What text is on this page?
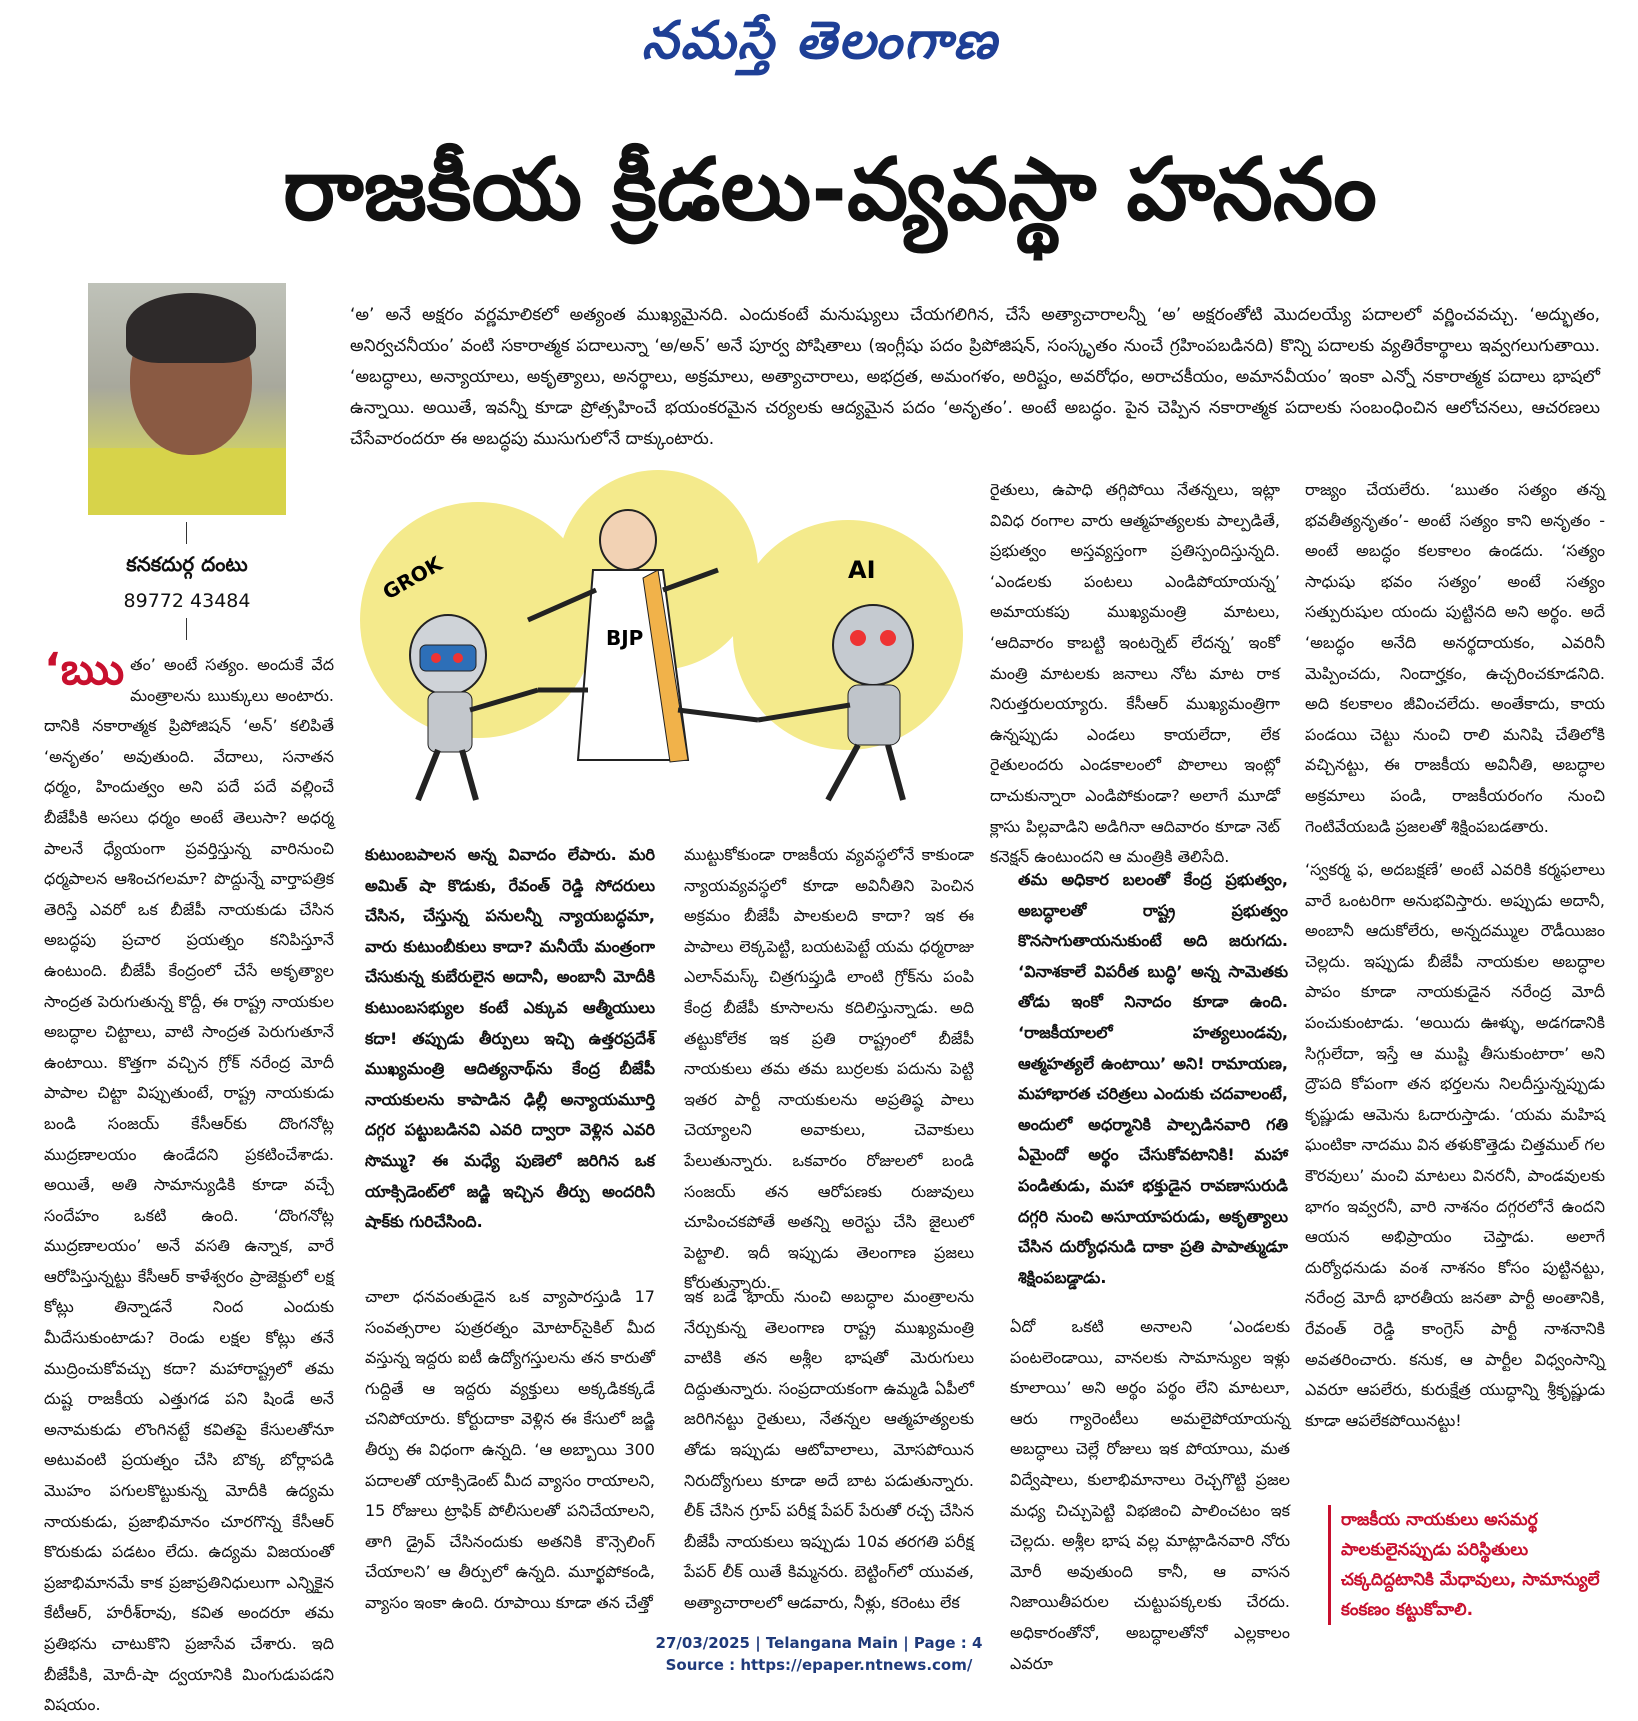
నమస్తే తెలంగాణ
రాజకీయ క్రీడలు-వ్యవస్థా హననం
కనకదుర్గ దంటు
89772 43484
‘అ’ అనే అక్షరం వర్ణమాలికలో అత్యంత ముఖ్యమైనది. ఎందుకంటే మనుష్యులు చేయగలిగిన, చేసే అత్యాచారాలన్నీ ‘అ’ అక్షరంతోటి మొదలయ్యే పదాలలో వర్ణించవచ్చు. ‘అద్భుతం, అనిర్వచనీయం’ వంటి సకారాత్మక పదాలున్నా ‘అ/అన్’ అనే పూర్వ పోషితాలు (ఇంగ్లీషు పదం ప్రిపోజిషన్, సంస్కృతం నుంచే గ్రహింపబడినది) కొన్ని పదాలకు వ్యతిరేకార్థాలు ఇవ్వగలుగుతాయి. ‘అబద్ధాలు, అన్యాయాలు, అకృత్యాలు, అనర్థాలు, అక్రమాలు, అత్యాచారాలు, అభద్రత, అమంగళం, అరిష్టం, అవరోధం, అరాచకీయం, అమానవీయం’ ఇంకా ఎన్నో నకారాత్మక పదాలు భాషలో ఉన్నాయి. అయితే, ఇవన్నీ కూడా ప్రోత్సహించే భయంకరమైన చర్యలకు ఆద్యమైన పదం ‘అనృతం’. అంటే అబద్ధం. పైన చెప్పిన నకారాత్మక పదాలకు సంబంధించిన ఆలోచనలు, ఆచరణలు చేసేవారందరూ ఈ అబద్ధపు ముసుగులోనే దాక్కుంటారు.
‘ఋ తం’ అంటే సత్యం. అందుకే వేద మంత్రాలను ఋక్కులు అంటారు. దానికి నకారాత్మక ప్రిపోజిషన్ ‘అన్’ కలిపితే ‘అనృతం’ అవుతుంది. వేదాలు, సనాతన ధర్మం, హిందుత్వం అని పదే పదే వల్లించే బీజేపీకి అసలు ధర్మం అంటే తెలుసా? అధర్మ పాలనే ధ్యేయంగా ప్రవర్తిస్తున్న వారినుంచి ధర్మపాలన ఆశించగలమా? పొద్దున్నే వార్తాపత్రిక తెరిస్తే ఎవరో ఒక బీజేపీ నాయకుడు చేసిన అబద్ధపు ప్రచార ప్రయత్నం కనిపిస్తూనే ఉంటుంది. బీజేపీ కేంద్రంలో చేసే అకృత్యాల సాంద్రత పెరుగుతున్న కొద్దీ, ఈ రాష్ట్ర నాయకుల అబద్ధాల చిట్టాలు, వాటి సాంద్రత పెరుగుతూనే ఉంటాయి. కొత్తగా వచ్చిన గ్రోక్ నరేంద్ర మోదీ పాపాల చిట్టా విప్పుతుంటే, రాష్ట్ర నాయకుడు బండి సంజయ్ కేసీఆర్‌కు దొంగనోట్ల ముద్రణాలయం ఉండేదని ప్రకటించేశాడు. అయితే, అతి సామాన్యుడికి కూడా వచ్చే సందేహం ఒకటి ఉంది. ‘దొంగనోట్ల ముద్రణాలయం’ అనే వసతి ఉన్నాక, వారే ఆరోపిస్తున్నట్టు కేసీఆర్ కాళేశ్వరం ప్రాజెక్టులో లక్ష కోట్లు తిన్నాడనే నింద ఎందుకు మీదేసుకుంటాడు? రెండు లక్షల కోట్లు తనే ముద్రించుకోవచ్చు కదా? మహారాష్ట్రలో తమ దుష్ట రాజకీయ ఎత్తుగడ పని షిండే అనే అనామకుడు లొంగినట్టే కవితపై కేసులతోనూ అటువంటి ప్రయత్నం చేసి బొక్క బోర్లాపడి మొహం పగులకొట్టుకున్న మోదీకి ఉద్యమ నాయకుడు, ప్రజాభిమానం చూరగొన్న కేసీఆర్ కొరుకుడు పడటం లేదు. ఉద్యమ విజయంతో ప్రజాభిమానమే కాక ప్రజాప్రతినిధులుగా ఎన్నికైన కేటీఆర్, హరీశ్‌రావు, కవిత అందరూ తమ ప్రతిభను చాటుకొని ప్రజాసేవ చేశారు. ఇది బీజేపీకి, మోదీ-షా ద్వయానికి మింగుడుపడని విషయం.
GROK
BJP
AI
కుటుంబపాలన అన్న వివాదం లేపారు. మరి అమిత్ షా కొడుకు, రేవంత్ రెడ్డి సోదరులు చేసిన, చేస్తున్న పనులన్నీ న్యాయబద్ధమా, వారు కుటుంబీకులు కాదా? మనీయే మంత్రంగా చేసుకున్న కుబేరులైన అదానీ, అంబానీ మోదీకి కుటుంబసభ్యుల కంటే ఎక్కువ ఆత్మీయులు కదా! తప్పుడు తీర్పులు ఇచ్చి ఉత్తరప్రదేశ్ ముఖ్యమంత్రి ఆదిత్యనాథ్‌ను కేంద్ర బీజేపీ నాయకులను కాపాడిన ఢిల్లీ అన్యాయమూర్తి దగ్గర పట్టుబడినవి ఎవరి ద్వారా వెళ్లిన ఎవరి సొమ్ము? ఈ మధ్యే పుణెలో జరిగిన ఒక యాక్సిడెంట్‌లో జడ్జి ఇచ్చిన తీర్పు అందరినీ షాక్‌కు గురిచేసింది.
చాలా ధనవంతుడైన ఒక వ్యాపారస్తుడి 17 సంవత్సరాల పుత్రరత్నం మోటార్‌సైకిల్ మీద వస్తున్న ఇద్దరు ఐటీ ఉద్యోగస్తులను తన కారుతో గుద్దితే ఆ ఇద్దరు వ్యక్తులు అక్కడికక్కడే చనిపోయారు. కోర్టుదాకా వెళ్లిన ఈ కేసులో జడ్జి తీర్పు ఈ విధంగా ఉన్నది. ‘ఆ అబ్బాయి 300 పదాలతో యాక్సిడెంట్ మీద వ్యాసం రాయాలని, 15 రోజులు ట్రాఫిక్ పోలీసులతో పనిచేయాలని, తాగి డ్రైవ్ చేసినందుకు అతనికి కౌన్సెలింగ్ చేయాలని’ ఆ తీర్పులో ఉన్నది. మూర్ఖపోకండి, వ్యాసం ఇంకా ఉంది. రూపాయి కూడా తన చేత్తో
ముట్టుకోకుండా రాజకీయ వ్యవస్థలోనే కాకుండా న్యాయవ్యవస్థలో కూడా అవినీతిని పెంచిన అక్రమం బీజేపీ పాలకులది కాదా? ఇక ఈ పాపాలు లెక్కపెట్టి, బయటపెట్టే యమ ధర్మరాజు ఎలాన్‌మస్క్ చిత్రగుప్తుడి లాంటి గ్రోక్‌ను పంపి కేంద్ర బీజేపీ కూసాలను కదిలిస్తున్నాడు. అది తట్టుకోలేక ఇక ప్రతి రాష్ట్రంలో బీజేపీ నాయకులు తమ తమ బుర్రలకు పదును పెట్టి ఇతర పార్టీ నాయకులను అప్రతిష్ఠ పాలు చెయ్యాలని అవాకులు, చెవాకులు పేలుతున్నారు. ఒకవారం రోజులలో బండి సంజయ్ తన ఆరోపణకు రుజువులు చూపించకపోతే అతన్ని అరెస్టు చేసి జైలులో పెట్టాలి. ఇదీ ఇప్పుడు తెలంగాణ ప్రజలు కోరుతున్నారు.
ఇక బడే భాయ్ నుంచి అబద్ధాల మంత్రాలను నేర్చుకున్న తెలంగాణ రాష్ట్ర ముఖ్యమంత్రి వాటికి తన అశ్లీల భాషతో మెరుగులు దిద్దుతున్నారు. సంప్రదాయకంగా ఉమ్మడి ఏపీలో జరిగినట్టు రైతులు, నేతన్నల ఆత్మహత్యలకు తోడు ఇప్పుడు ఆటోవాలాలు, మోసపోయిన నిరుద్యోగులు కూడా అదే బాట పడుతున్నారు. లీక్ చేసిన గ్రూప్ పరీక్ష పేపర్ పేరుతో రచ్చ చేసిన బీజేపీ నాయకులు ఇప్పుడు 10వ తరగతి పరీక్ష పేపర్ లీక్ యితే కిమ్మనరు. బెట్టింగ్‌లో యువత, అత్యాచారాలలో ఆడవారు, నీళ్లు, కరెంటు లేక
రైతులు, ఉపాధి తగ్గిపోయి నేతన్నలు, ఇట్లా వివిధ రంగాల వారు ఆత్మహత్యలకు పాల్పడితే, ప్రభుత్వం అస్తవ్యస్తంగా ప్రతిస్పందిస్తున్నది. ‘ఎండలకు పంటలు ఎండిపోయాయన్న’ అమాయకపు ముఖ్యమంత్రి మాటలు, ‘ఆదివారం కాబట్టి ఇంటర్నెట్ లేదన్న’ ఇంకో మంత్రి మాటలకు జనాలు నోట మాట రాక నిరుత్తరులయ్యారు. కేసీఆర్ ముఖ్యమంత్రిగా ఉన్నప్పుడు ఎండలు కాయలేదా, లేక రైతులందరు ఎండకాలంలో పొలాలు ఇంట్లో దాచుకున్నారా ఎండిపోకుండా? అలాగే మూడో క్లాసు పిల్లవాడిని అడిగినా ఆదివారం కూడా నెట్ కనెక్షన్ ఉంటుందని ఆ మంత్రికి తెలిసేది.
తమ అధికార బలంతో కేంద్ర ప్రభుత్వం, అబద్ధాలతో రాష్ట్ర ప్రభుత్వం కొనసాగుతాయనుకుంటే అది జరుగదు. ‘వినాశకాలే విపరీత బుద్ధి’ అన్న సామెతకు తోడు ఇంకో నినాదం కూడా ఉంది. ‘రాజకీయాలలో హత్యలుండవు, ఆత్మహత్యలే ఉంటాయి’ అని! రామాయణ, మహాభారత చరిత్రలు ఎందుకు చదవాలంటే, అందులో అధర్మానికి పాల్పడినవారి గతి ఏమైందో అర్థం చేసుకోవటానికి! మహా పండితుడు, మహా భక్తుడైన రావణాసురుడి దగ్గరి నుంచి అసూయాపరుడు, అకృత్యాలు చేసిన దుర్యోధనుడి దాకా ప్రతి పాపాత్ముడూ శిక్షింపబడ్డాడు.
ఏదో ఒకటి అనాలని ‘ఎండలకు పంటలెండాయి, వానలకు సామాన్యుల ఇళ్లు కూలాయి’ అని అర్థం పర్థం లేని మాటలూ, ఆరు గ్యారెంటీలు అమలైపోయాయన్న అబద్ధాలు చెల్లే రోజులు ఇక పోయాయి, మత విద్వేషాలు, కులాభిమానాలు రెచ్చగొట్టి ప్రజల మధ్య చిచ్చుపెట్టి విభజించి పాలించటం ఇక చెల్లదు. అశ్లీల భాష వల్ల మాట్లాడినవారి నోరు మోరీ అవుతుంది కానీ, ఆ వాసన నిజాయితీపరుల చుట్టుపక్కలకు చేరదు. అధికారంతోనో, అబద్ధాలతోనో ఎల్లకాలం ఎవరూ
రాజ్యం చేయలేరు. ‘ఋతం సత్యం తన్న భవతీత్యనృతం’- అంటే సత్యం కాని అనృతం - అంటే అబద్ధం కలకాలం ఉండదు. ‘సత్యం సాధుషు భవం సత్యం’ అంటే సత్యం సత్పురుషుల యందు పుట్టినది అని అర్థం. అదే ‘అబద్ధం అనేది అనర్థదాయకం, ఎవరినీ మెప్పించదు, నిందార్హకం, ఉచ్చరించకూడనిది. అది కలకాలం జీవించలేదు. అంతేకాదు, కాయ పండయి చెట్టు నుంచి రాలి మనిషి చేతిలోకి వచ్చినట్టు, ఈ రాజకీయ అవినీతి, అబద్ధాల అక్రమాలు పండి, రాజకీయరంగం నుంచి గెంటివేయబడి ప్రజలతో శిక్షింపబడతారు.
‘స్వకర్మ ఫ, అదబక్షణే’ అంటే ఎవరికి కర్మఫలాలు వారే ఒంటరిగా అనుభవిస్తారు. అప్పుడు అదానీ, అంబానీ ఆదుకోలేరు, అన్నదమ్ముల రౌడీయిజం చెల్లదు. ఇప్పుడు బీజేపీ నాయకుల అబద్ధాల పాపం కూడా నాయకుడైన నరేంద్ర మోదీ పంచుకుంటాడు. ‘అయిదు ఊళ్ళు, అడగడానికి సిగ్గులేదా, ఇస్తే ఆ ముష్టి తీసుకుంటారా’ అని ద్రౌపది కోపంగా తన భర్తలను నిలదీస్తున్నప్పుడు కృష్ణుడు ఆమెను ఓదారుస్తాడు. ‘యమ మహిష ఘంటికా నాదము విన తళుకొత్తెడు చిత్తముల్ గల కౌరవులు’ మంచి మాటలు వినరనీ, పాండవులకు భాగం ఇవ్వరనీ, వారి నాశనం దగ్గరలోనే ఉందని ఆయన అభిప్రాయం చెప్తాడు. అలాగే దుర్యోధనుడు వంశ నాశనం కోసం పుట్టినట్టు, నరేంద్ర మోదీ భారతీయ జనతా పార్టీ అంతానికి, రేవంత్ రెడ్డి కాంగ్రెస్ పార్టీ నాశనానికి అవతరించారు. కనుక, ఆ పార్టీల విధ్వంసాన్ని ఎవరూ ఆపలేరు, కురుక్షేత్ర యుద్ధాన్ని శ్రీకృష్ణుడు కూడా ఆపలేకపోయినట్టు!
రాజకీయ నాయకులు అసమర్థ పాలకులైనప్పుడు పరిస్థితులు చక్కదిద్దటానికి మేధావులు, సామాన్యులే కంకణం కట్టుకోవాలి.
27/03/2025 | Telangana Main | Page : 4
Source : https://epaper.ntnews.com/
